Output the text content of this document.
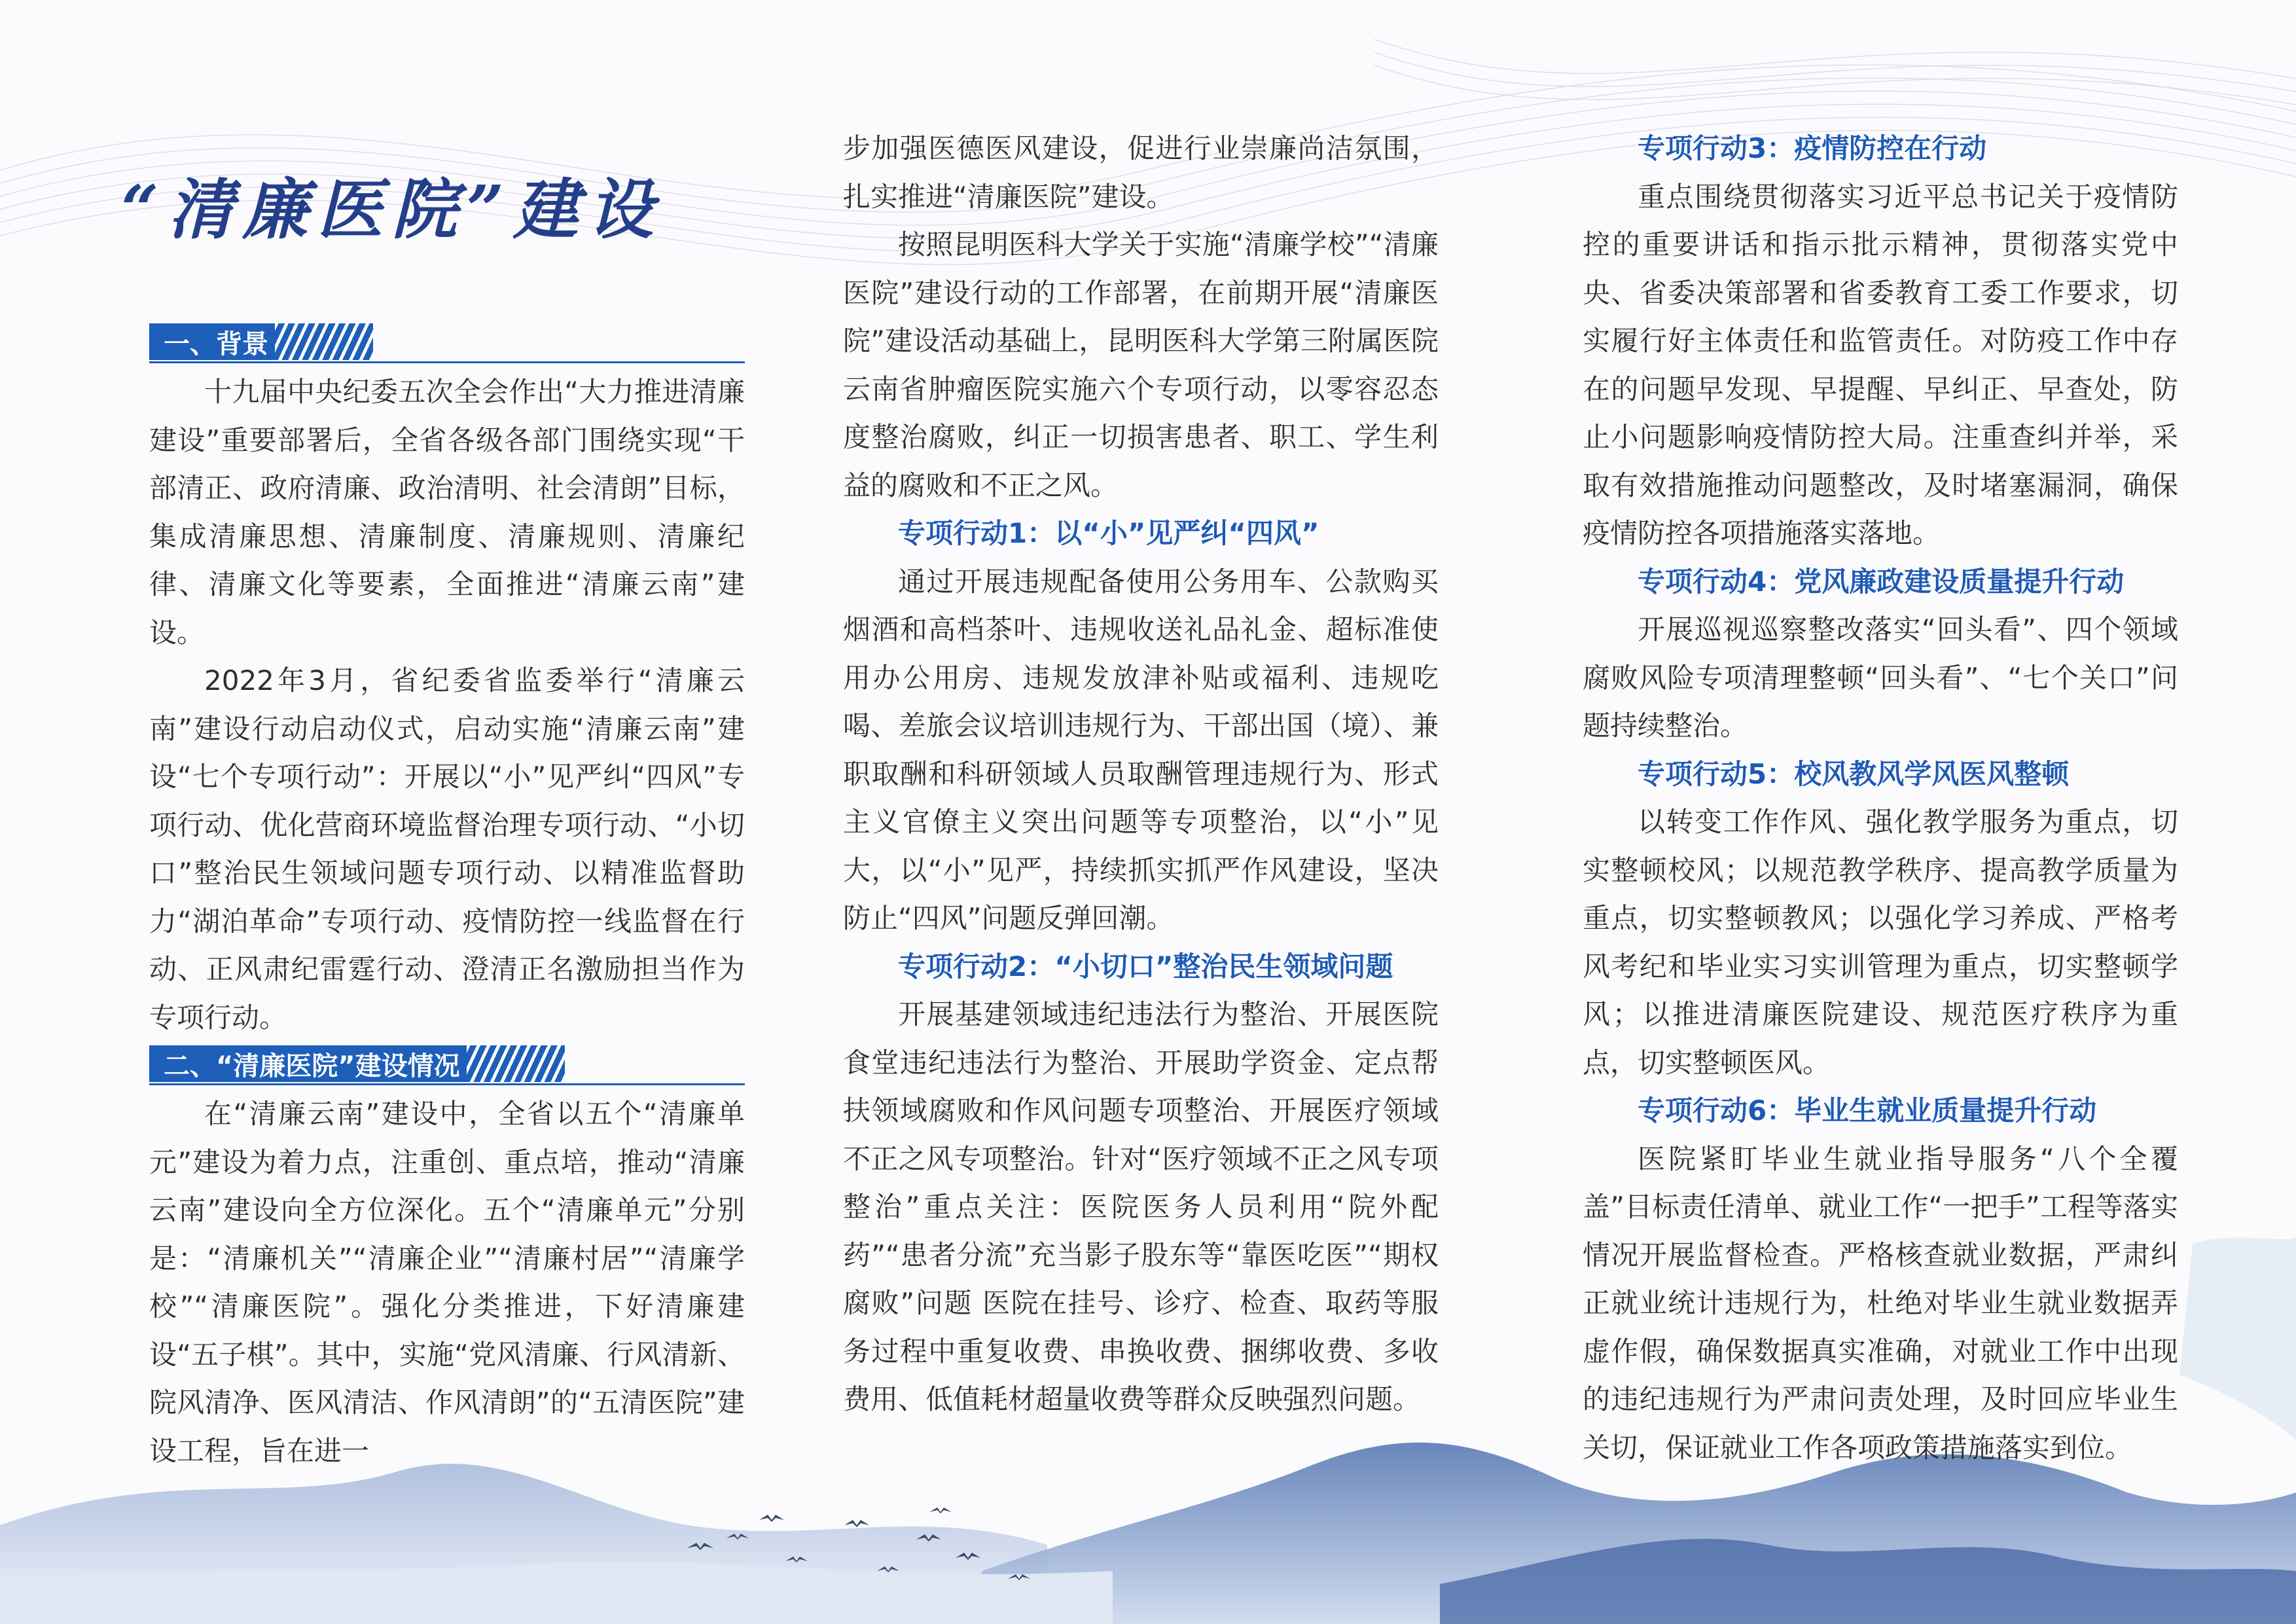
“清廉医院”建设
一、背景

十九届中央纪委五次全会作出“大力推进清廉建设”重要部署后，全省各级各部门围绕实现“干部清正、政府清廉、政治清明、社会清朗”目标，集成清廉思想、清廉制度、清廉规则、清廉纪律、清廉文化等要素，全面推进“清廉云南”建设。

2022年3月，省纪委省监委举行“清廉云南”建设行动启动仪式，启动实施“清廉云南”建设“七个专项行动”：开展以“小”见严纠“四风”专项行动、优化营商环境监督治理专项行动、“小切口”整治民生领域问题专项行动、以精准监督助力“湖泊革命”专项行动、疫情防控一线监督在行动、正风肃纪雷霆行动、澄清正名激励担当作为专项行动。

二、“清廉医院”建设情况

在“清廉云南”建设中，全省以五个“清廉单元”建设为着力点，注重创、重点培，推动“清廉云南”建设向全方位深化。五个“清廉单元”分别是：“清廉机关”“清廉企业”“清廉村居”“清廉学校”“清廉医院”。强化分类推进，下好清廉建设“五子棋”。其中，实施“党风清廉、行风清新、院风清净、医风清洁、作风清朗”的“五清医院”建设工程，旨在进一

步加强医德医风建设，促进行业崇廉尚洁氛围，扎实推进“清廉医院”建设。

按照昆明医科大学关于实施“清廉学校”“清廉医院”建设行动的工作部署，在前期开展“清廉医院”建设活动基础上，昆明医科大学第三附属医院 云南省肿瘤医院实施六个专项行动，以零容忍态度整治腐败，纠正一切损害患者、职工、学生利益的腐败和不正之风。

专项行动1：以“小”见严纠“四风”

通过开展违规配备使用公务用车、公款购买烟酒和高档茶叶、违规收送礼品礼金、超标准使用办公用房、违规发放津补贴或福利、违规吃喝、差旅会议培训违规行为、干部出国（境）、兼职取酬和科研领域人员取酬管理违规行为、形式主义官僚主义突出问题等专项整治，以“小”见大，以“小”见严，持续抓实抓严作风建设，坚决防止“四风”问题反弹回潮。

专项行动2：“小切口”整治民生领域问题

开展基建领域违纪违法行为整治、开展医院食堂违纪违法行为整治、开展助学资金、定点帮扶领域腐败和作风问题专项整治、开展医疗领域不正之风专项整治。针对“医疗领域不正之风专项整治”重点关注：医院医务人员利用“院外配药”“患者分流”充当影子股东等“靠医吃医”“期权腐败”问题 医院在挂号、诊疗、检查、取药等服务过程中重复收费、串换收费、捆绑收费、多收费用、低值耗材超量收费等群众反映强烈问题。

专项行动3：疫情防控在行动

重点围绕贯彻落实习近平总书记关于疫情防控的重要讲话和指示批示精神，贯彻落实党中央、省委决策部署和省委教育工委工作要求，切实履行好主体责任和监管责任。对防疫工作中存在的问题早发现、早提醒、早纠正、早查处，防止小问题影响疫情防控大局。注重查纠并举，采取有效措施推动问题整改，及时堵塞漏洞，确保疫情防控各项措施落实落地。

专项行动4：党风廉政建设质量提升行动

开展巡视巡察整改落实“回头看”、四个领域腐败风险专项清理整顿“回头看”、“七个关口”问题持续整治。

专项行动5：校风教风学风医风整顿

以转变工作作风、强化教学服务为重点，切实整顿校风；以规范教学秩序、提高教学质量为重点，切实整顿教风；以强化学习养成、严格考风考纪和毕业实习实训管理为重点，切实整顿学风；以推进清廉医院建设、规范医疗秩序为重点，切实整顿医风。

专项行动6：毕业生就业质量提升行动

医院紧盯毕业生就业指导服务“八个全覆盖”目标责任清单、就业工作“一把手”工程等落实情况开展监督检查。严格核查就业数据，严肃纠正就业统计违规行为，杜绝对毕业生就业数据弄虚作假，确保数据真实准确，对就业工作中出现的违纪违规行为严肃问责处理，及时回应毕业生关切，保证就业工作各项政策措施落实到位。
